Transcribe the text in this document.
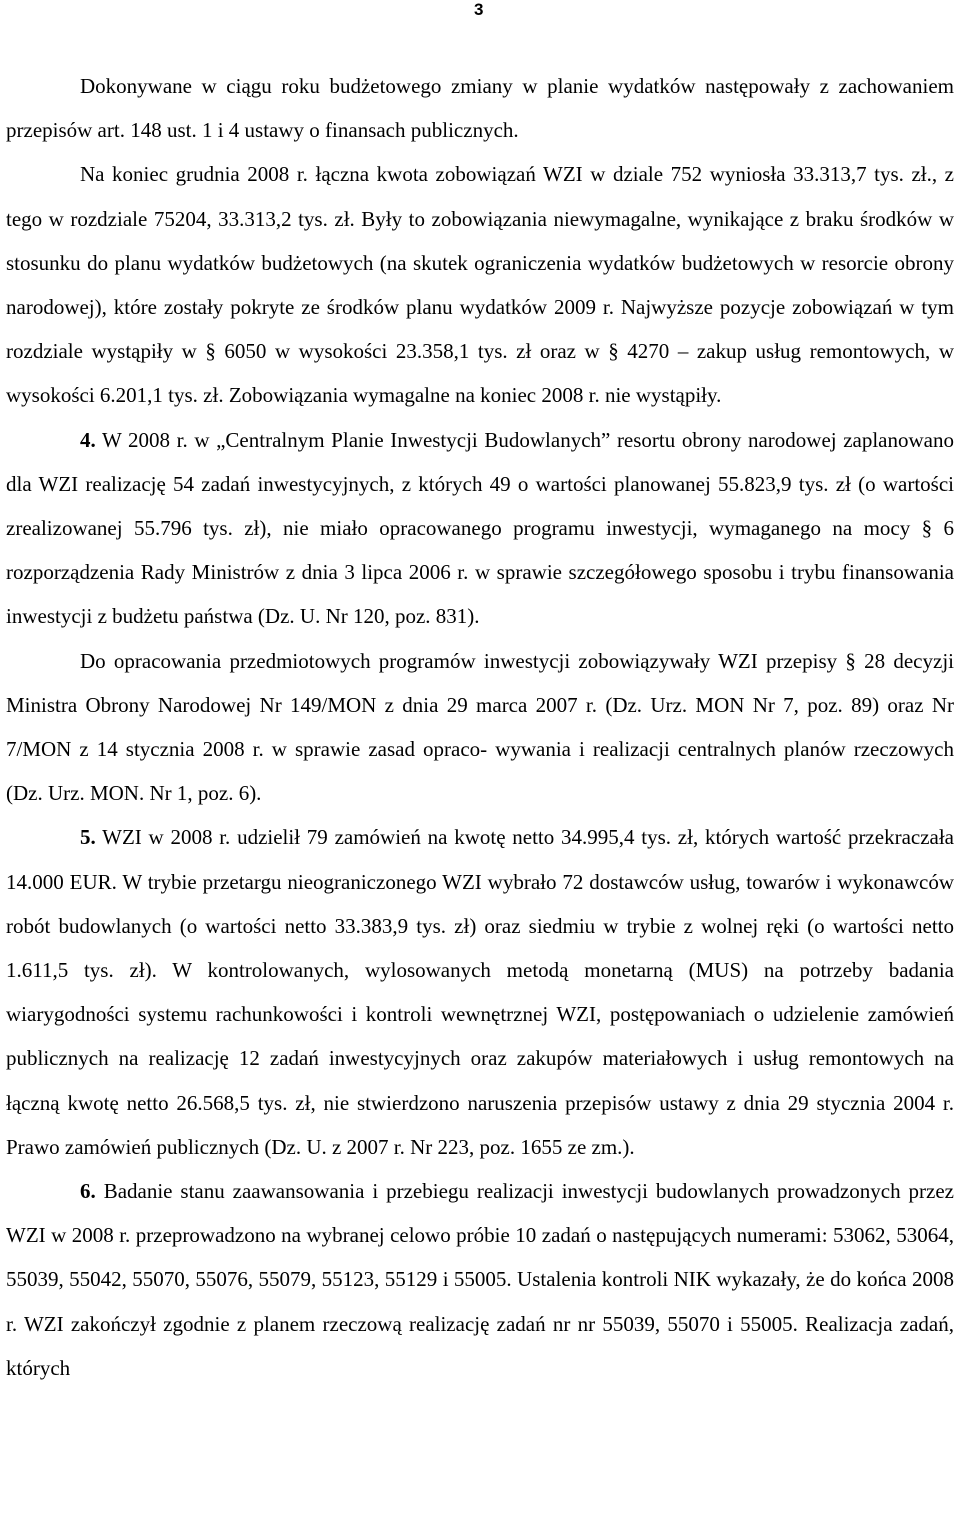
3

Dokonywane w ciągu roku budżetowego zmiany w planie wydatków następowały z zachowaniem przepisów art. 148 ust. 1 i 4 ustawy o finansach publicznych.

Na koniec grudnia 2008 r. łączna kwota zobowiązań WZI w dziale 752 wyniosła 33.313,7 tys. zł., z tego w rozdziale 75204, 33.313,2 tys. zł. Były to zobowiązania niewymagalne, wynikające z braku środków w stosunku do planu wydatków budżetowych (na skutek ograniczenia wydatków budżetowych w resorcie obrony narodowej), które zostały pokryte ze środków planu wydatków 2009 r. Najwyższe pozycje zobowiązań w tym rozdziale wystąpiły w § 6050 w wysokości 23.358,1 tys. zł oraz w § 4270 – zakup usług remontowych, w wysokości 6.201,1 tys. zł. Zobowiązania wymagalne na koniec 2008 r. nie wystąpiły.

4. W 2008 r. w „Centralnym Planie Inwestycji Budowlanych” resortu obrony narodowej zaplanowano dla WZI realizację 54 zadań inwestycyjnych, z których 49 o wartości planowanej 55.823,9 tys. zł (o wartości zrealizowanej 55.796 tys. zł), nie miało opracowanego programu inwestycji, wymaganego na mocy § 6 rozporządzenia Rady Ministrów z dnia 3 lipca 2006 r. w sprawie szczegółowego sposobu i trybu finansowania inwestycji z budżetu państwa (Dz. U. Nr 120, poz. 831).

Do opracowania przedmiotowych programów inwestycji zobowiązywały WZI przepisy § 28 decyzji Ministra Obrony Narodowej Nr 149/MON z dnia 29 marca 2007 r. (Dz. Urz. MON Nr 7, poz. 89) oraz Nr 7/MON z 14 stycznia 2008 r. w sprawie zasad opraco- wywania i realizacji centralnych planów rzeczowych (Dz. Urz. MON. Nr 1, poz. 6).

5. WZI w 2008 r. udzielił 79 zamówień na kwotę netto 34.995,4 tys. zł, których wartość przekraczała 14.000 EUR. W trybie przetargu nieograniczonego WZI wybrało 72 dostawców usług, towarów i wykonawców robót budowlanych (o wartości netto 33.383,9 tys. zł) oraz siedmiu w trybie z wolnej ręki (o wartości netto 1.611,5 tys. zł). W kontrolowanych, wylosowanych metodą monetarną (MUS) na potrzeby badania wiarygodności systemu rachunkowości i kontroli wewnętrznej WZI, postępowaniach o udzielenie zamówień publicznych na realizację 12 zadań inwestycyjnych oraz zakupów materiałowych i usług remontowych na łączną kwotę netto 26.568,5 tys. zł, nie stwierdzono naruszenia przepisów ustawy z dnia 29 stycznia 2004 r. Prawo zamówień publicznych (Dz. U. z 2007 r. Nr 223, poz. 1655 ze zm.).

6. Badanie stanu zaawansowania i przebiegu realizacji inwestycji budowlanych prowadzonych przez WZI w 2008 r. przeprowadzono na wybranej celowo próbie 10 zadań o następujących numerami: 53062, 53064, 55039, 55042, 55070, 55076, 55079, 55123, 55129 i 55005. Ustalenia kontroli NIK wykazały, że do końca 2008 r. WZI zakończył zgodnie z planem rzeczową realizację zadań nr nr 55039, 55070 i 55005. Realizacja zadań, których
